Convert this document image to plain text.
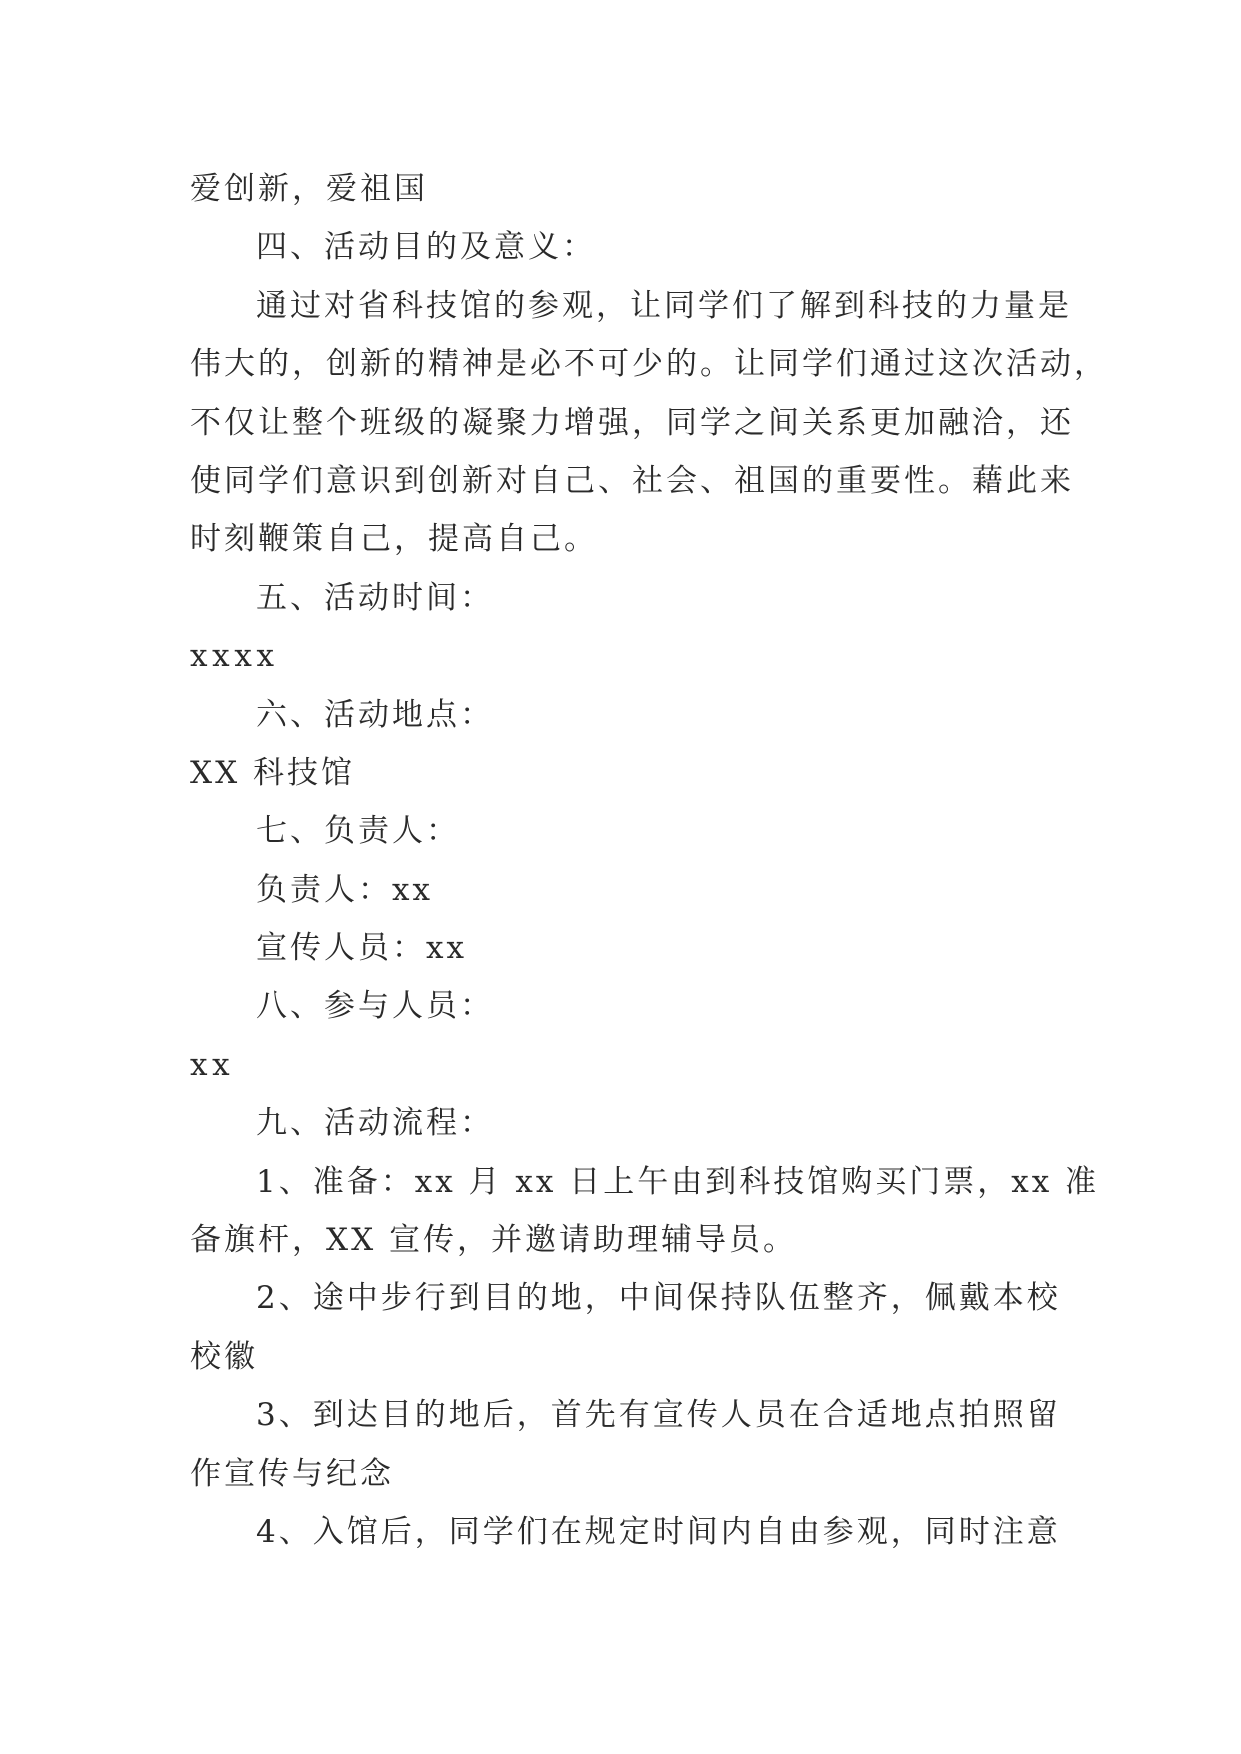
爱创新，爱祖国
四、活动目的及意义：
通过对省科技馆的参观，让同学们了解到科技的力量是
伟大的，创新的精神是必不可少的。让同学们通过这次活动，
不仅让整个班级的凝聚力增强，同学之间关系更加融洽，还
使同学们意识到创新对自己、社会、祖国的重要性。藉此来
时刻鞭策自己，提高自己。
五、活动时间：
xxxx
六、活动地点：
XX 科技馆
七、负责人：
负责人：xx
宣传人员：xx
八、参与人员：
xx
九、活动流程：
1、准备：xx 月 xx 日上午由到科技馆购买门票，xx 准
备旗杆，XX 宣传，并邀请助理辅导员。
2、途中步行到目的地，中间保持队伍整齐，佩戴本校
校徽
3、到达目的地后，首先有宣传人员在合适地点拍照留
作宣传与纪念
4、入馆后，同学们在规定时间内自由参观，同时注意
